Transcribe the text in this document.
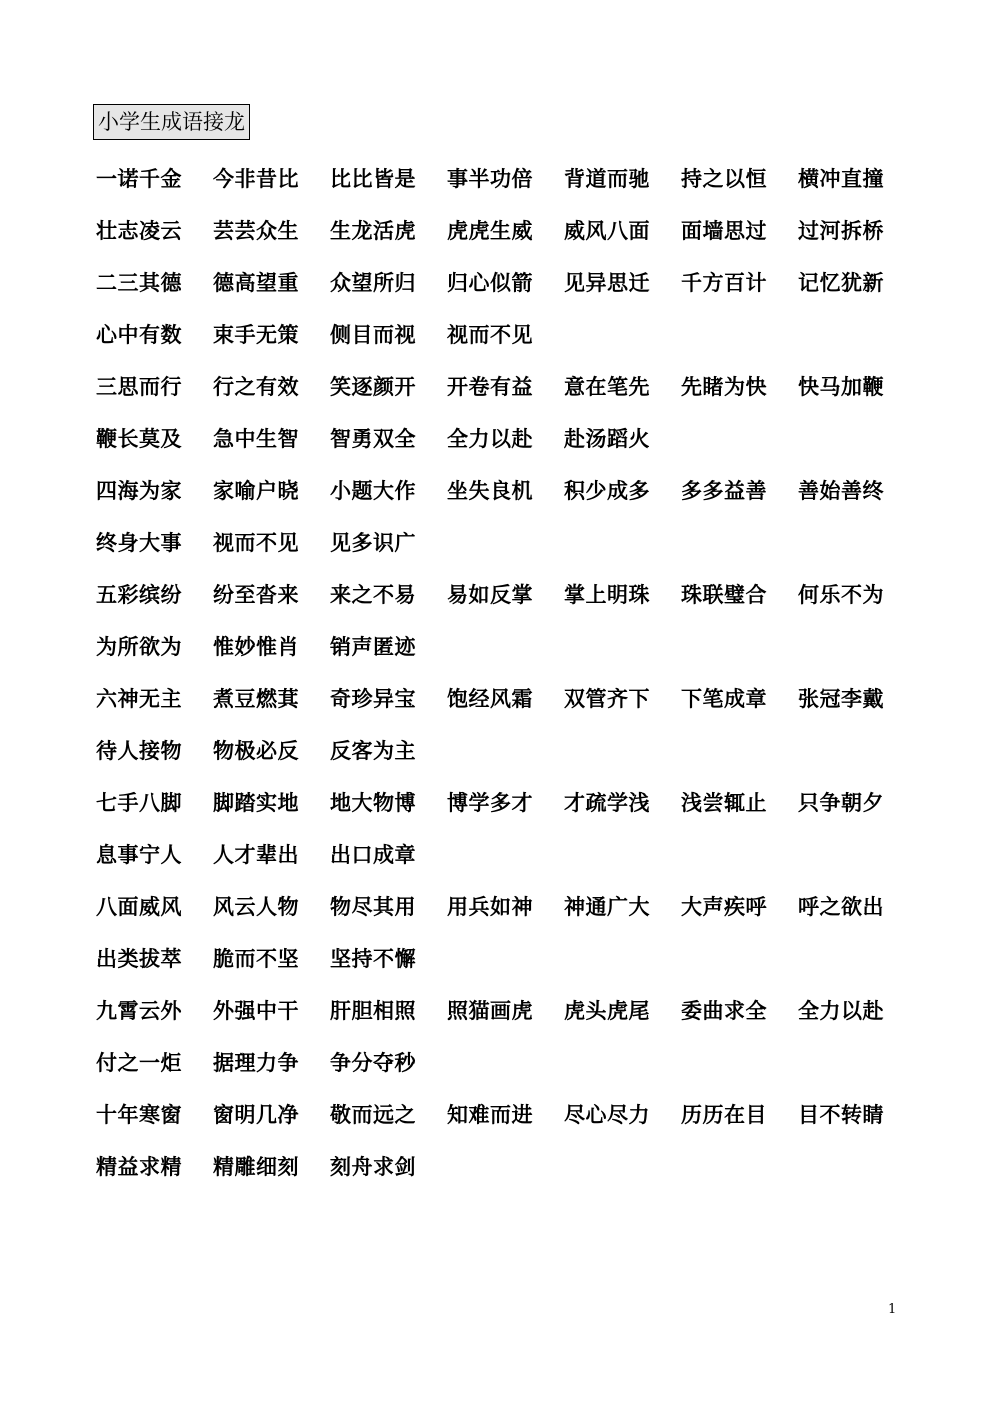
小学生成语接龙
一诺千金	今非昔比	比比皆是	事半功倍	背道而驰	持之以恒	横冲直撞
壮志凌云	芸芸众生	生龙活虎	虎虎生威	威风八面	面墙思过	过河拆桥
二三其德	德高望重	众望所归	归心似箭	见异思迁	千方百计	记忆犹新
心中有数	束手无策	侧目而视	视而不见
三思而行	行之有效	笑逐颜开	开卷有益	意在笔先	先睹为快	快马加鞭
鞭长莫及	急中生智	智勇双全	全力以赴	赴汤蹈火
四海为家	家喻户晓	小题大作	坐失良机	积少成多	多多益善	善始善终
终身大事	视而不见	见多识广
五彩缤纷	纷至沓来	来之不易	易如反掌	掌上明珠	珠联璧合	何乐不为
为所欲为	惟妙惟肖	销声匿迹
六神无主	煮豆燃萁	奇珍异宝	饱经风霜	双管齐下	下笔成章	张冠李戴
待人接物	物极必反	反客为主
七手八脚	脚踏实地	地大物博	博学多才	才疏学浅	浅尝辄止	只争朝夕
息事宁人	人才辈出	出口成章
八面威风	风云人物	物尽其用	用兵如神	神通广大	大声疾呼	呼之欲出
出类拔萃	脆而不坚	坚持不懈
九霄云外	外强中干	肝胆相照	照猫画虎	虎头虎尾	委曲求全	全力以赴
付之一炬	据理力争	争分夺秒
十年寒窗	窗明几净	敬而远之	知难而进	尽心尽力	历历在目	目不转睛
精益求精	精雕细刻	刻舟求剑
1
